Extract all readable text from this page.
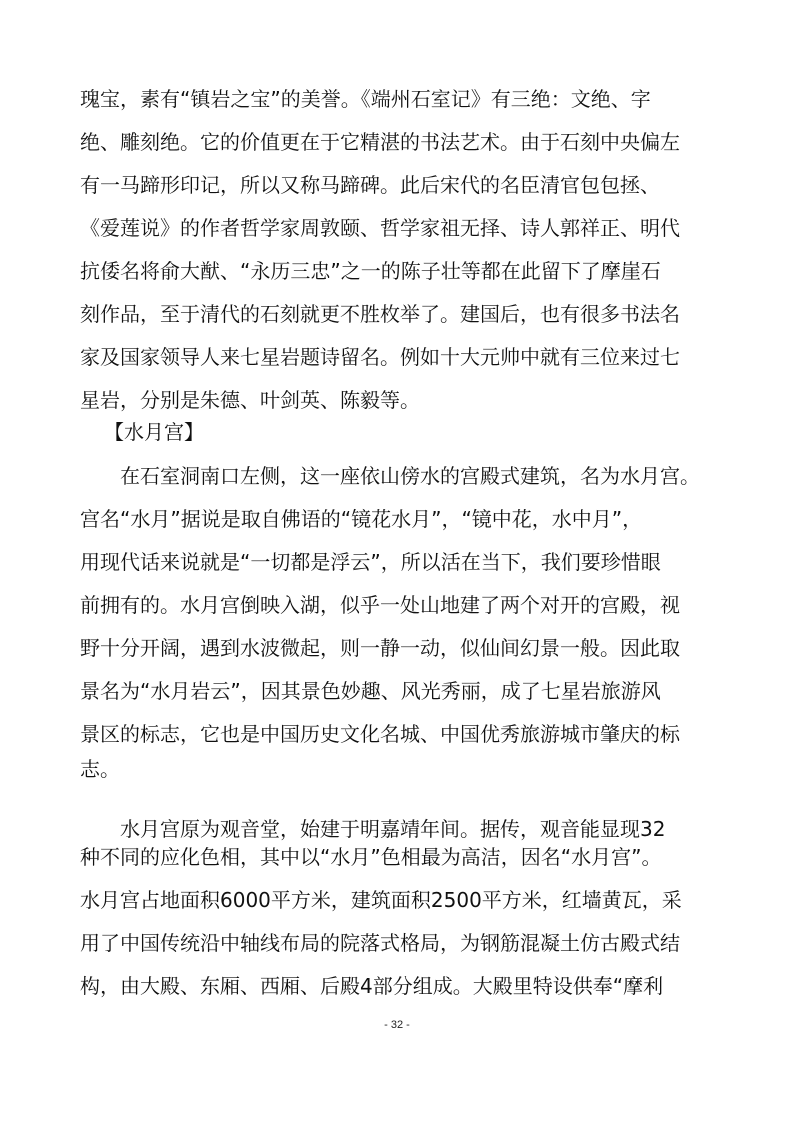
瑰宝，素有“镇岩之宝”的美誉。《端州石室记》有三绝：文绝、字
绝、雕刻绝。它的价值更在于它精湛的书法艺术。由于石刻中央偏左
有一马蹄形印记，所以又称马蹄碑。此后宋代的名臣清官包包拯、
《爱莲说》的作者哲学家周敦颐、哲学家祖无择、诗人郭祥正、明代
抗倭名将俞大猷、“永历三忠”之一的陈子壮等都在此留下了摩崖石
刻作品，至于清代的石刻就更不胜枚举了。建国后，也有很多书法名
家及国家领导人来七星岩题诗留名。例如十大元帅中就有三位来过七
星岩，分别是朱德、叶剑英、陈毅等。
【水月宫】
在石室洞南口左侧，这一座依山傍水的宫殿式建筑，名为水月宫。
宫名“水月”据说是取自佛语的“镜花水月”，“镜中花，水中月”，
用现代话来说就是“一切都是浮云”，所以活在当下，我们要珍惜眼
前拥有的。水月宫倒映入湖，似乎一处山地建了两个对开的宫殿，视
野十分开阔，遇到水波微起，则一静一动，似仙间幻景一般。因此取
景名为“水月岩云”，因其景色妙趣、风光秀丽，成了七星岩旅游风
景区的标志，它也是中国历史文化名城、中国优秀旅游城市肇庆的标
志。
水月宫原为观音堂，始建于明嘉靖年间。据传，观音能显现32
种不同的应化色相，其中以“水月”色相最为高洁，因名“水月宫”。
水月宫占地面积6000平方米，建筑面积2500平方米，红墙黄瓦，采
用了中国传统沿中轴线布局的院落式格局，为钢筋混凝土仿古殿式结
构，由大殿、东厢、西厢、后殿4部分组成。大殿里特设供奉“摩利
- 32 -
